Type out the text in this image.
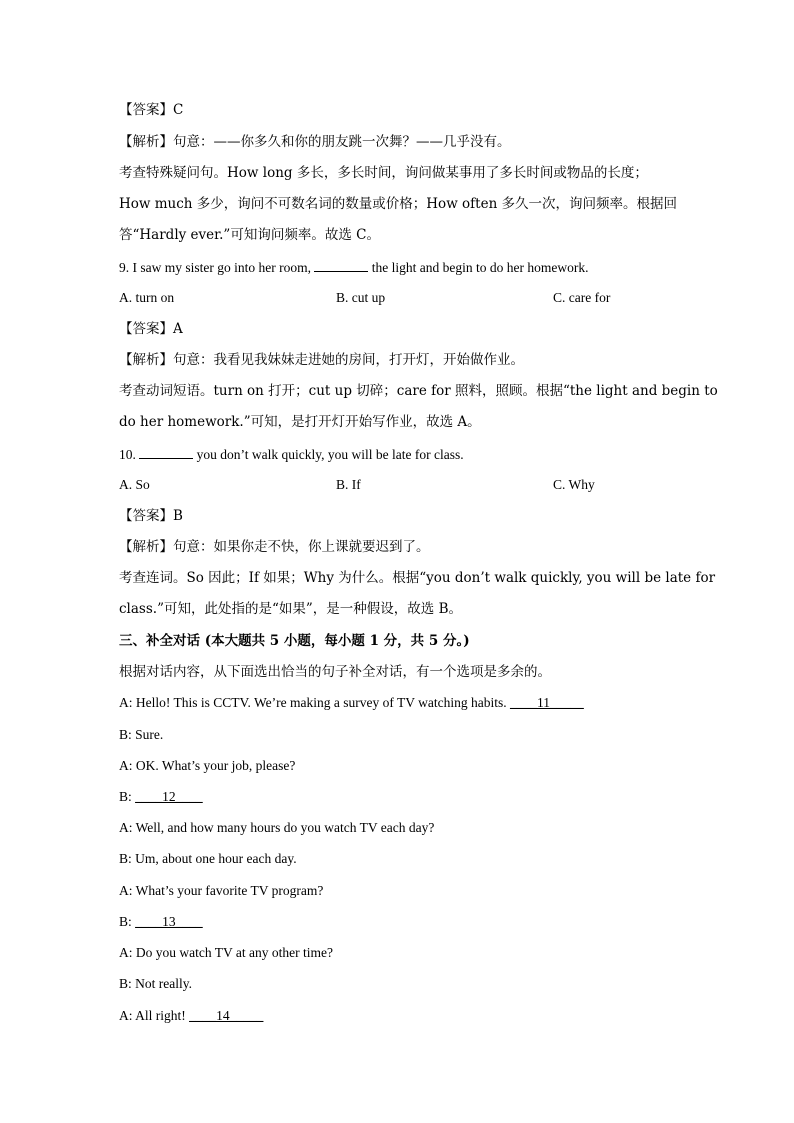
【答案】C
【解析】句意：——你多久和你的朋友跳一次舞？——几乎没有。
考查特殊疑问句。How long 多长，多长时间，询问做某事用了多长时间或物品的长度；
How much 多少，询问不可数名词的数量或价格；How often 多久一次，询问频率。根据回
答“Hardly ever.”可知询问频率。故选 C。
9. I saw my sister go into her room,	the light and begin to do her homework.
A. turn on	B. cut up	C. care for
【答案】A
【解析】句意：我看见我妹妹走进她的房间，打开灯，开始做作业。
考查动词短语。turn on 打开；cut up 切碎；care for 照料，照顾。根据“the light and begin to
do her homework.”可知，是打开灯开始写作业，故选 A。
10.	you don’t walk quickly, you will be late for class.
A. So	B. If	C. Why
【答案】B
【解析】句意：如果你走不快，你上课就要迟到了。
考查连词。So 因此；If 如果；Why 为什么。根据“you don’t walk quickly, you will be late for
class.”可知，此处指的是“如果”，是一种假设，故选 B。
三、补全对话 (本大题共 5 小题，每小题 1 分，共 5 分。)
根据对话内容，从下面选出恰当的句子补全对话，有一个选项是多余的。
A: Hello! This is CCTV. We’re making a survey of TV watching habits. ____11_____
B: Sure.
A: OK. What’s your job, please?
B: ____12____
A: Well, and how many hours do you watch TV each day?
B: Um, about one hour each day.
A: What’s your favorite TV program?
B: ____13____
A: Do you watch TV at any other time?
B: Not really.
A: All right! ____14_____
